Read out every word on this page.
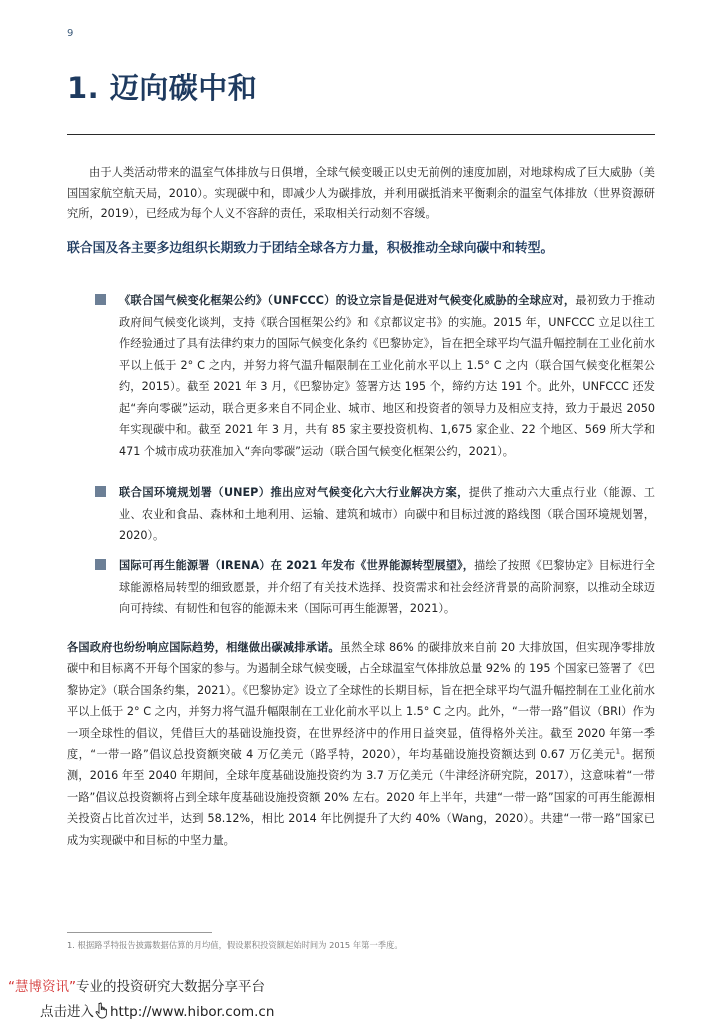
9
1. 迈向碳中和

由于人类活动带来的温室气体排放与日俱增，全球气候变暖正以史无前例的速度加剧，对地球构成了巨大威胁（美国国家航空航天局，2010）。实现碳中和，即减少人为碳排放，并利用碳抵消来平衡剩余的温室气体排放（世界资源研究所，2019），已经成为每个人义不容辞的责任，采取相关行动刻不容缓。

联合国及各主要多边组织长期致力于团结全球各方力量，积极推动全球向碳中和转型。

《联合国气候变化框架公约》（UNFCCC）的设立宗旨是促进对气候变化威胁的全球应对，最初致力于推动政府间气候变化谈判，支持《联合国框架公约》和《京都议定书》的实施。2015 年，UNFCCC 立足以往工作经验通过了具有法律约束力的国际气候变化条约《巴黎协定》，旨在把全球平均气温升幅控制在工业化前水平以上低于 2° C 之内，并努力将气温升幅限制在工业化前水平以上 1.5° C 之内（联合国气候变化框架公约，2015）。截至 2021 年 3 月，《巴黎协定》签署方达 195 个，缔约方达 191 个。此外，UNFCCC 还发起“奔向零碳”运动，联合更多来自不同企业、城市、地区和投资者的领导力及相应支持，致力于最迟 2050 年实现碳中和。截至 2021 年 3 月，共有 85 家主要投资机构、1,675 家企业、22 个地区、569 所大学和 471 个城市成功获准加入“奔向零碳”运动（联合国气候变化框架公约，2021）。

联合国环境规划署（UNEP）推出应对气候变化六大行业解决方案，提供了推动六大重点行业（能源、工业、农业和食品、森林和土地利用、运输、建筑和城市）向碳中和目标过渡的路线图（联合国环境规划署，2020）。

国际可再生能源署（IRENA）在 2021 年发布《世界能源转型展望》，描绘了按照《巴黎协定》目标进行全球能源格局转型的细致愿景，并介绍了有关技术选择、投资需求和社会经济背景的高阶洞察，以推动全球迈向可持续、有韧性和包容的能源未来（国际可再生能源署，2021）。

各国政府也纷纷响应国际趋势，相继做出碳减排承诺。虽然全球 86% 的碳排放来自前 20 大排放国，但实现净零排放碳中和目标离不开每个国家的参与。为遏制全球气候变暖，占全球温室气体排放总量 92% 的 195 个国家已签署了《巴黎协定》（联合国条约集，2021）。《巴黎协定》设立了全球性的长期目标，旨在把全球平均气温升幅控制在工业化前水平以上低于 2° C 之内，并努力将气温升幅限制在工业化前水平以上 1.5° C 之内。此外，“一带一路”倡议（BRI）作为一项全球性的倡议，凭借巨大的基础设施投资，在世界经济中的作用日益突显，值得格外关注。截至 2020 年第一季度，“一带一路”倡议总投资额突破 4 万亿美元（路孚特，2020），年均基础设施投资额达到 0.67 万亿美元$^1$。据预测，2016 年至 2040 年期间，全球年度基础设施投资约为 3.7 万亿美元（牛津经济研究院，2017），这意味着“一带一路”倡议总投资额将占到全球年度基础设施投资额 20% 左右。2020 年上半年，共建“一带一路”国家的可再生能源相关投资占比首次过半，达到 58.12%，相比 2014 年比例提升了大约 40%（Wang，2020）。共建“一带一路”国家已成为实现碳中和目标的中坚力量。

1. 根据路孚特报告披露数据估算的月均值，假设累积投资额起始时间为 2015 年第一季度。

“慧博资讯”专业的投资研究大数据分享平台
点击进入 http://www.hibor.com.cn
